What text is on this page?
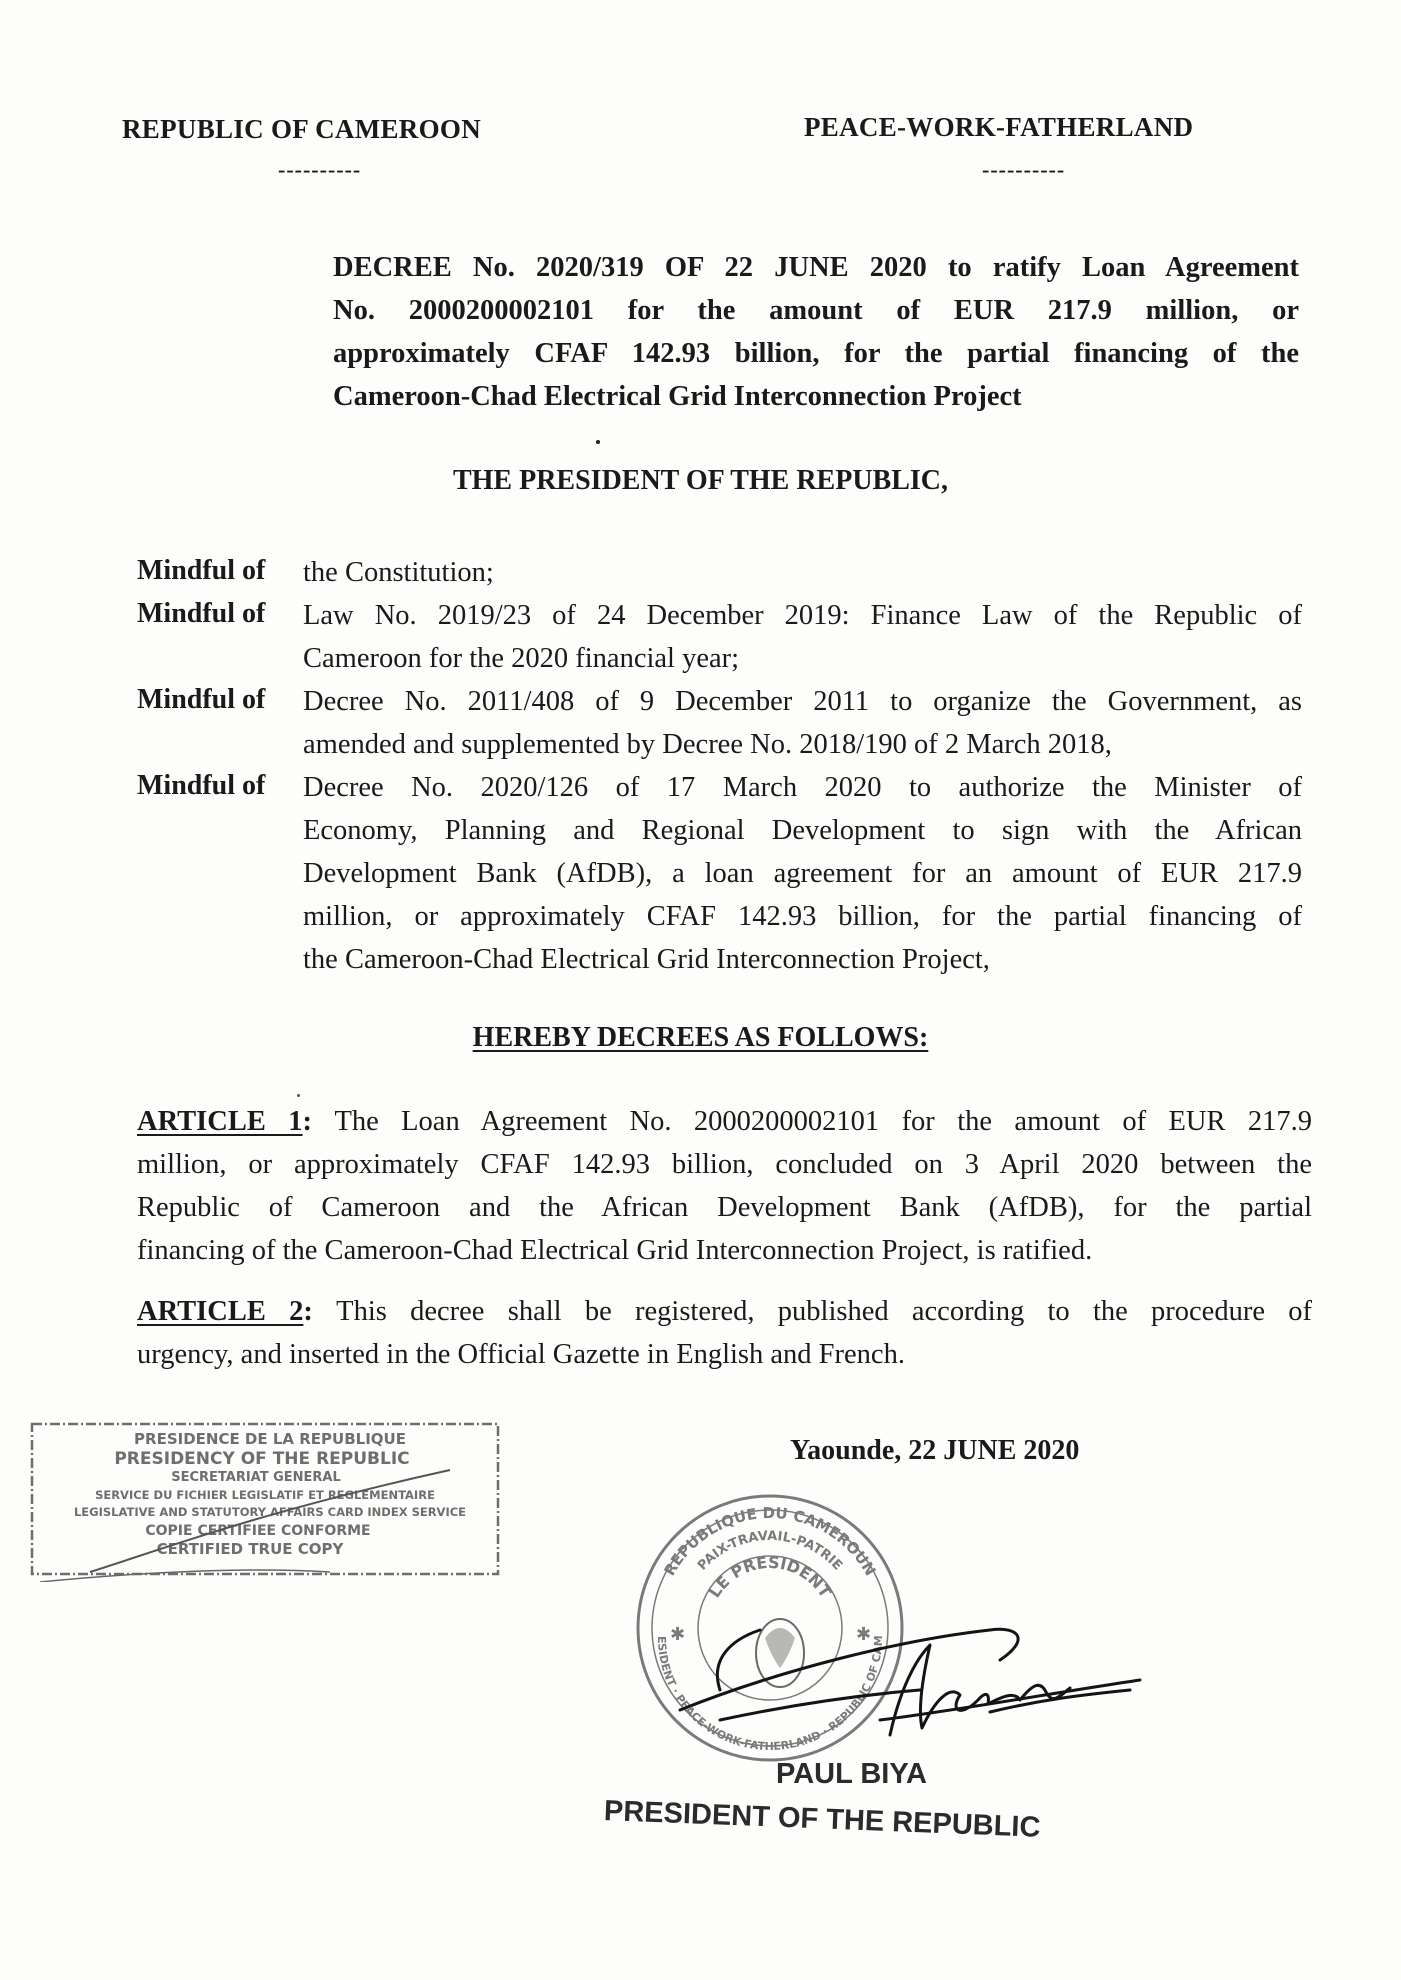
REPUBLIC OF CAMEROON
----------
PEACE-WORK-FATHERLAND
----------
DECREE No. 2020/319 OF 22 JUNE 2020 to ratify Loan Agreement
No. 2000200002101 for the amount of EUR 217.9 million, or
approximately CFAF 142.93 billion, for the partial financing of the
Cameroon-Chad Electrical Grid Interconnection Project
THE PRESIDENT OF THE REPUBLIC,
Mindful of	the Constitution;
Mindful of	Law No. 2019/23 of 24 December 2019: Finance Law of the Republic of
Cameroon for the 2020 financial year;
Mindful of	Decree No. 2011/408 of 9 December 2011 to organize the Government, as
amended and supplemented by Decree No. 2018/190 of 2 March 2018,
Mindful of	Decree No. 2020/126 of 17 March 2020 to authorize the Minister of
Economy, Planning and Regional Development to sign with the African
Development Bank (AfDB), a loan agreement for an amount of EUR 217.9
million, or approximately CFAF 142.93 billion, for the partial financing of
the Cameroon-Chad Electrical Grid Interconnection Project,
HEREBY DECREES AS FOLLOWS:
ARTICLE 1: The Loan Agreement No. 2000200002101 for the amount of EUR 217.9
million, or approximately CFAF 142.93 billion, concluded on 3 April 2020 between the
Republic of Cameroon and the African Development Bank (AfDB), for the partial
financing of the Cameroon-Chad Electrical Grid Interconnection Project, is ratified.
ARTICLE 2: This decree shall be registered, published according to the procedure of
urgency, and inserted in the Official Gazette in English and French.
Yaounde, 22 JUNE 2020
PRESIDENCE DE LA REPUBLIQUE
PRESIDENCY OF THE REPUBLIC
SECRETARIAT GENERAL
SERVICE DU FICHIER LEGISLATIF ET REGLEMENTAIRE
LEGISLATIVE AND STATUTORY AFFAIRS CARD INDEX SERVICE
COPIE CERTIFIEE CONFORME
CERTIFIED TRUE COPY
REPUBLIQUE DU CAMEROUN
PAIX-TRAVAIL-PATRIE
LE PRESIDENT
ESIDENT · PEACE-WORK-FATHERLAND · REPUBLIC OF CAM
✱	✱
PAUL BIYA
PRESIDENT OF THE REPUBLIC
